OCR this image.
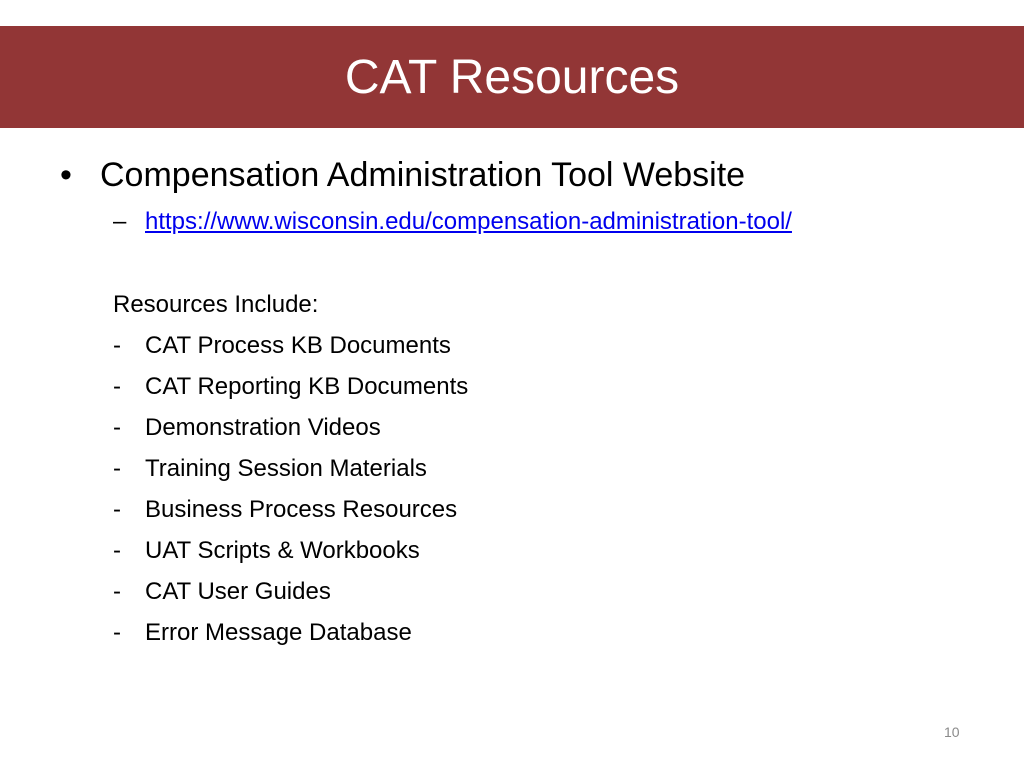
CAT Resources
• Compensation Administration Tool Website
– https://www.wisconsin.edu/compensation-administration-tool/
Resources Include:
- CAT Process KB Documents
- CAT Reporting KB Documents
- Demonstration Videos
- Training Session Materials
- Business Process Resources
- UAT Scripts & Workbooks
- CAT User Guides
- Error Message Database
10
